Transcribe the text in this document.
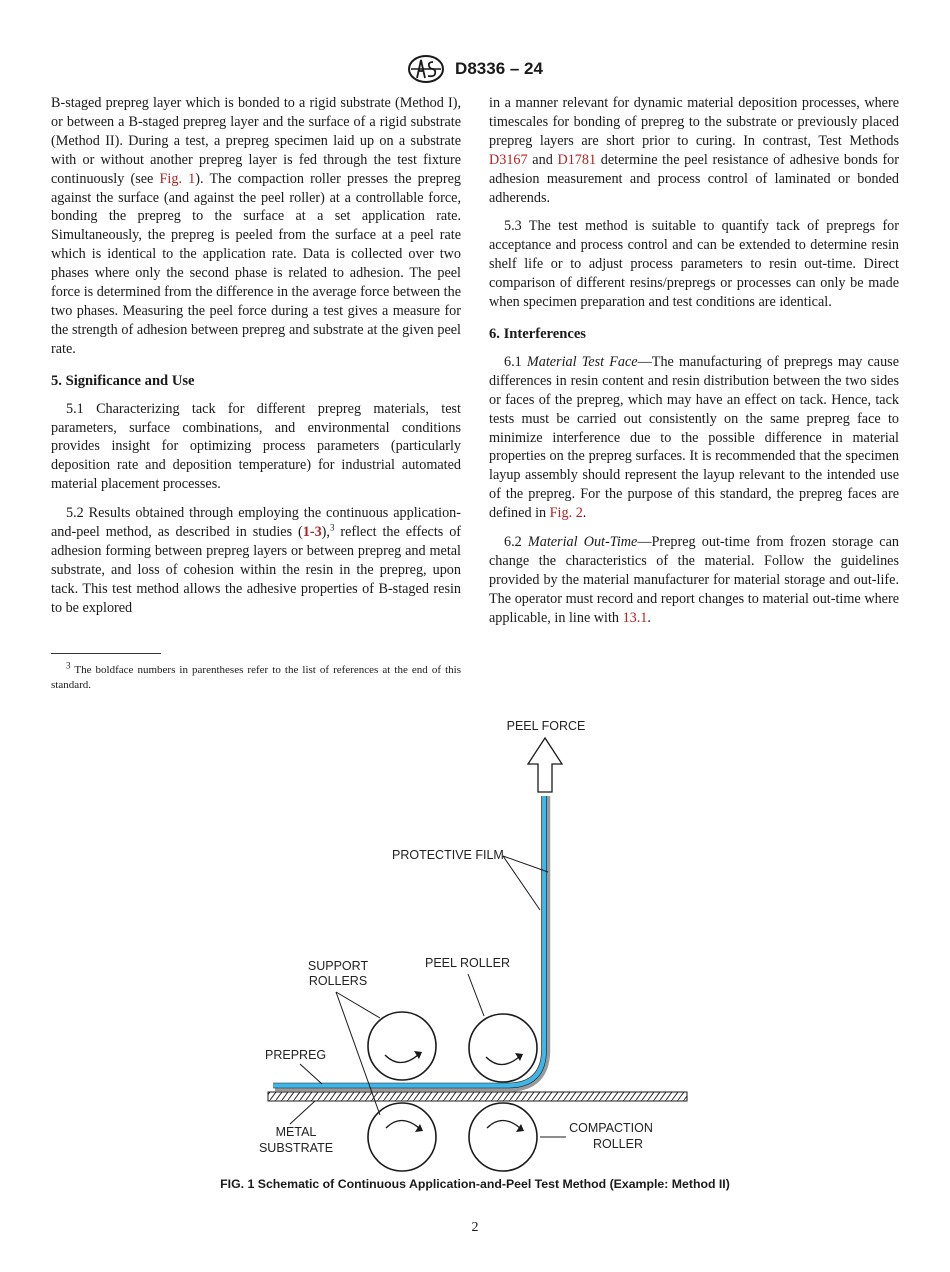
D8336 – 24

B-staged prepreg layer which is bonded to a rigid substrate (Method I), or between a B-staged prepreg layer and the surface of a rigid substrate (Method II). During a test, a prepreg specimen laid up on a substrate with or without another prepreg layer is fed through the test fixture continuously (see Fig. 1). The compaction roller presses the prepreg against the surface (and against the peel roller) at a controllable force, bonding the prepreg to the surface at a set application rate. Simultaneously, the prepreg is peeled from the surface at a peel rate which is identical to the application rate. Data is collected over two phases where only the second phase is related to adhesion. The peel force is determined from the difference in the average force between the two phases. Measuring the peel force during a test gives a measure for the strength of adhesion between prepreg and substrate at the given peel rate.

5. Significance and Use

5.1 Characterizing tack for different prepreg materials, test parameters, surface combinations, and environmental conditions provides insight for optimizing process parameters (particularly deposition rate and deposition temperature) for industrial automated material placement processes.

5.2 Results obtained through employing the continuous application-and-peel method, as described in studies (1-3),$^3$ reflect the effects of adhesion forming between prepreg layers or between prepreg and metal substrate, and loss of cohesion within the resin in the prepreg, upon tack. This test method allows the adhesive properties of B-staged resin to be explored

$^3$ The boldface numbers in parentheses refer to the list of references at the end of this standard.

in a manner relevant for dynamic material deposition processes, where timescales for bonding of prepreg to the substrate or previously placed prepreg layers are short prior to curing. In contrast, Test Methods D3167 and D1781 determine the peel resistance of adhesive bonds for adhesion measurement and process control of laminated or bonded adherends.

5.3 The test method is suitable to quantify tack of prepregs for acceptance and process control and can be extended to determine resin shelf life or to adjust process parameters to resin out-time. Direct comparison of different resins/prepregs or processes can only be made when specimen preparation and test conditions are identical.

6. Interferences

6.1 Material Test Face—The manufacturing of prepregs may cause differences in resin content and resin distribution between the two sides or faces of the prepreg, which may have an effect on tack. Hence, tack tests must be carried out consistently on the same prepreg face to minimize interference due to the possible difference in material properties on the prepreg surfaces. It is recommended that the specimen layup assembly should represent the layup relevant to the intended use of the prepreg. For the purpose of this standard, the prepreg faces are defined in Fig. 2.

6.2 Material Out-Time—Prepreg out-time from frozen storage can change the characteristics of the material. Follow the guidelines provided by the material manufacturer for material storage and out-life. The operator must record and report changes to material out-time where applicable, in line with 13.1.

PEEL FORCE
PROTECTIVE FILM
SUPPORT
ROLLERS
PEEL ROLLER
PREPREG
METAL
SUBSTRATE
COMPACTION
ROLLER
FIG. 1 Schematic of Continuous Application-and-Peel Test Method (Example: Method II)
2
